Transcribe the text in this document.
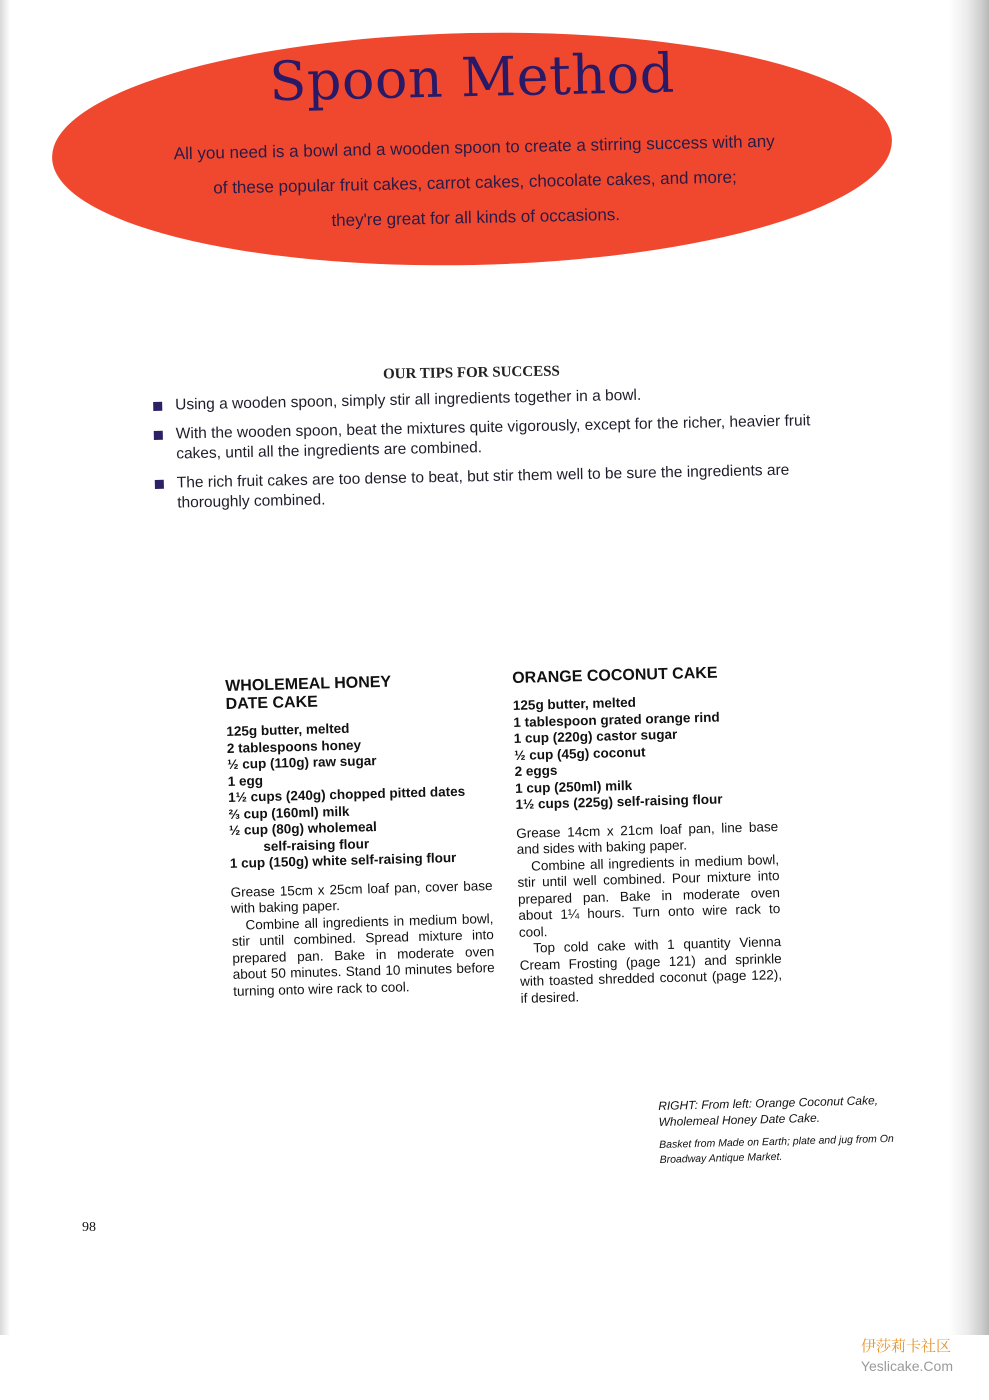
Spoon Method
All you need is a bowl and a wooden spoon to create a stirring success with any
of these popular fruit cakes, carrot cakes, chocolate cakes, and more;
they're great for all kinds of occasions.
OUR TIPS FOR SUCCESS
Using a wooden spoon, simply stir all ingredients together in a bowl.
With the wooden spoon, beat the mixtures quite vigorously, except for the richer, heavier fruit cakes, until all the ingredients are combined.
The rich fruit cakes are too dense to beat, but stir them well to be sure the ingredients are thoroughly combined.
WHOLEMEAL HONEY
DATE CAKE
125g butter, melted
2 tablespoons honey
½ cup (110g) raw sugar
1 egg
1½ cups (240g) chopped pitted dates
⅔ cup (160ml) milk
½ cup (80g) wholemeal
self-raising flour
1 cup (150g) white self-raising flour

Grease 15cm x 25cm loaf pan, cover base with baking paper.

Combine all ingredients in medium bowl, stir until combined. Spread mixture into prepared pan. Bake in moderate oven about 50 minutes. Stand 10 minutes before turning onto wire rack to cool.

ORANGE COCONUT CAKE
125g butter, melted
1 tablespoon grated orange rind
1 cup (220g) castor sugar
½ cup (45g) coconut
2 eggs
1 cup (250ml) milk
1½ cups (225g) self-raising flour

Grease 14cm x 21cm loaf pan, line base and sides with baking paper.

Combine all ingredients in medium bowl, stir until well combined. Pour mixture into prepared pan. Bake in moderate oven about 1¼ hours. Turn onto wire rack to cool.

Top cold cake with 1 quantity Vienna Cream Frosting (page 121) and sprinkle with toasted shredded coconut (page 122), if desired.

RIGHT: From left: Orange Coconut Cake, Wholemeal Honey Date Cake.

Basket from Made on Earth; plate and jug from On Broadway Antique Market.

98
伊莎莉卡社区
Yeslicake.Com
